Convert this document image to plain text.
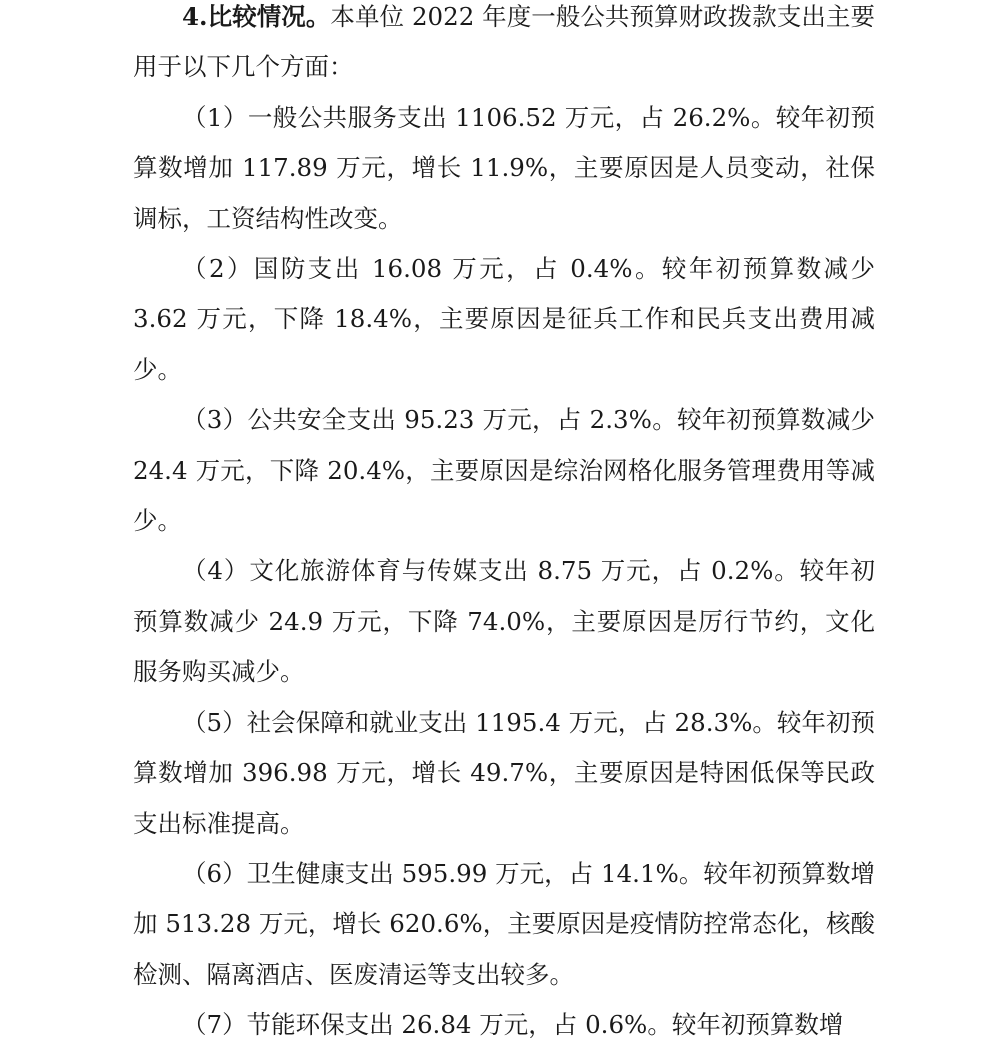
4.比较情况。本单位 2022 年度一般公共预算财政拨款支出主要用于以下几个方面：

（1）一般公共服务支出 1106.52 万元，占 26.2%。较年初预算数增加 117.89 万元，增长 11.9%，主要原因是人员变动，社保调标，工资结构性改变。

（2）国防支出 16.08 万元，占 0.4%。较年初预算数减少 3.62 万元，下降 18.4%，主要原因是征兵工作和民兵支出费用减少。

（3）公共安全支出 95.23 万元，占 2.3%。较年初预算数减少 24.4 万元，下降 20.4%，主要原因是综治网格化服务管理费用等减少。

（4）文化旅游体育与传媒支出 8.75 万元，占 0.2%。较年初预算数减少 24.9 万元，下降 74.0%，主要原因是厉行节约，文化服务购买减少。

（5）社会保障和就业支出 1195.4 万元，占 28.3%。较年初预算数增加 396.98 万元，增长 49.7%，主要原因是特困低保等民政支出标准提高。

（6）卫生健康支出 595.99 万元，占 14.1%。较年初预算数增加 513.28 万元，增长 620.6%，主要原因是疫情防控常态化，核酸检测、隔离酒店、医废清运等支出较多。

（7）节能环保支出 26.84 万元，占 0.6%。较年初预算数增
